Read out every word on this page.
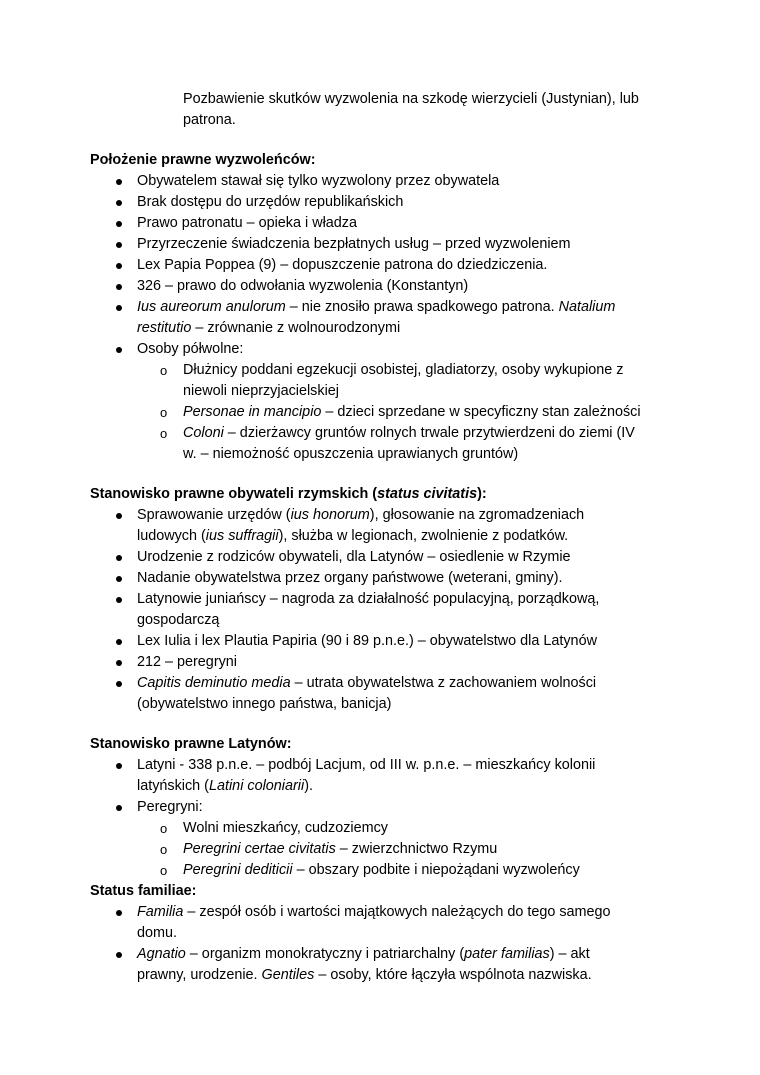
Pozbawienie skutków wyzwolenia na szkodę wierzycieli (Justynian), lub
patrona.
Położenie prawne wyzwoleńców:
Obywatelem stawał się tylko wyzwolony przez obywatela
Brak dostępu do urzędów republikańskich
Prawo patronatu – opieka i władza
Przyrzeczenie świadczenia bezpłatnych usług – przed wyzwoleniem
Lex Papia Poppea (9) – dopuszczenie patrona do dziedziczenia.
326 – prawo do odwołania wyzwolenia (Konstantyn)
Ius aureorum anulorum – nie znosiło prawa spadkowego patrona. Natalium
restitutio – zrównanie z wolnourodzonymi
Osoby półwolne:
o Dłużnicy poddani egzekucji osobistej, gladiatorzy, osoby wykupione z
niewoli nieprzyjacielskiej
o Personae in mancipio – dzieci sprzedane w specyficzny stan zależności
o Coloni – dzierżawcy gruntów rolnych trwale przytwierdzeni do ziemi (IV
w. – niemożność opuszczenia uprawianych gruntów)
Stanowisko prawne obywateli rzymskich (status civitatis):
Sprawowanie urzędów (ius honorum), głosowanie na zgromadzeniach
ludowych (ius suffragii), służba w legionach, zwolnienie z podatków.
Urodzenie z rodziców obywateli, dla Latynów – osiedlenie w Rzymie
Nadanie obywatelstwa przez organy państwowe (weterani, gminy).
Latynowie juniańscy – nagroda za działalność populacyjną, porządkową,
gospodarczą
Lex Iulia i lex Plautia Papiria (90 i 89 p.n.e.) – obywatelstwo dla Latynów
212 – peregryni
Capitis deminutio media – utrata obywatelstwa z zachowaniem wolności
(obywatelstwo innego państwa, banicja)
Stanowisko prawne Latynów:
Latyni - 338 p.n.e. – podbój Lacjum, od III w. p.n.e. – mieszkańcy kolonii
latyńskich (Latini coloniarii).
Peregryni:
o Wolni mieszkańcy, cudzoziemcy
o Peregrini certae civitatis – zwierzchnictwo Rzymu
o Peregrini dediticii – obszary podbite i niepożądani wyzwoleńcy
Status familiae:
Familia – zespół osób i wartości majątkowych należących do tego samego
domu.
Agnatio – organizm monokratyczny i patriarchalny (pater familias) – akt
prawny, urodzenie. Gentiles – osoby, które łączyła wspólnota nazwiska.
